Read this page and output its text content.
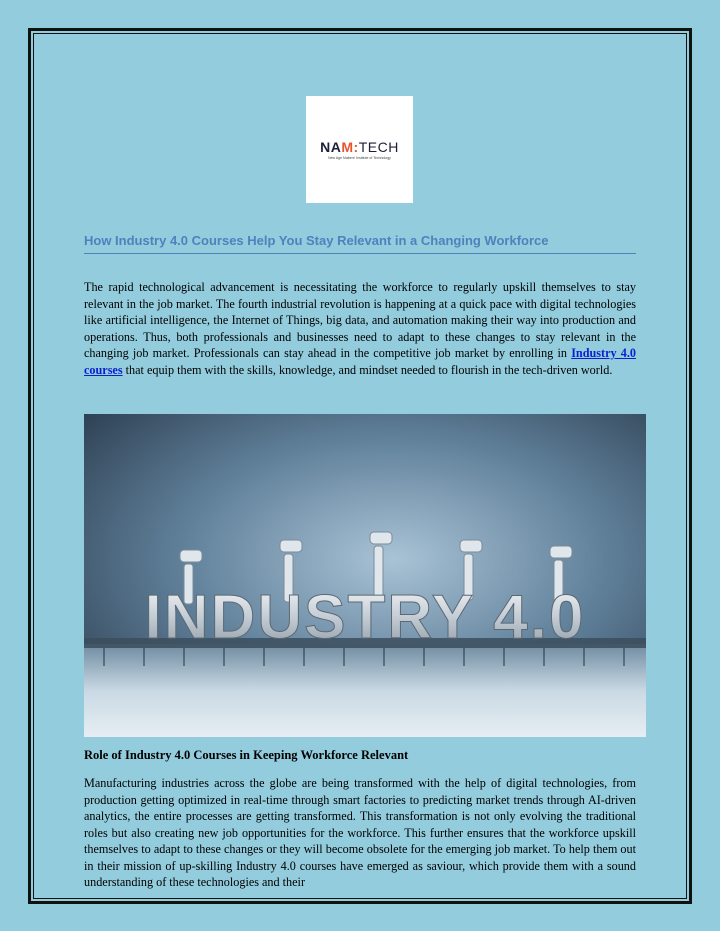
NAM:TECH
New Age Makers' Institute of Technology
How Industry 4.0 Courses Help You Stay Relevant in a Changing Workforce

The rapid technological advancement is necessitating the workforce to regularly upskill themselves to stay relevant in the job market. The fourth industrial revolution is happening at a quick pace with digital technologies like artificial intelligence, the Internet of Things, big data, and automation making their way into production and operations. Thus, both professionals and businesses need to adapt to these changes to stay relevant in the changing job market. Professionals can stay ahead in the competitive job market by enrolling in Industry 4.0 courses that equip them with the skills, knowledge, and mindset needed to flourish in the tech-driven world.

INDUSTRY 4.0
Role of Industry 4.0 Courses in Keeping Workforce Relevant

Manufacturing industries across the globe are being transformed with the help of digital technologies, from production getting optimized in real-time through smart factories to predicting market trends through AI-driven analytics, the entire processes are getting transformed. This transformation is not only evolving the traditional roles but also creating new job opportunities for the workforce. This further ensures that the workforce upskill themselves to adapt to these changes or they will become obsolete for the emerging job market. To help them out in their mission of up-skilling Industry 4.0 courses have emerged as saviour, which provide them with a sound understanding of these technologies and their
